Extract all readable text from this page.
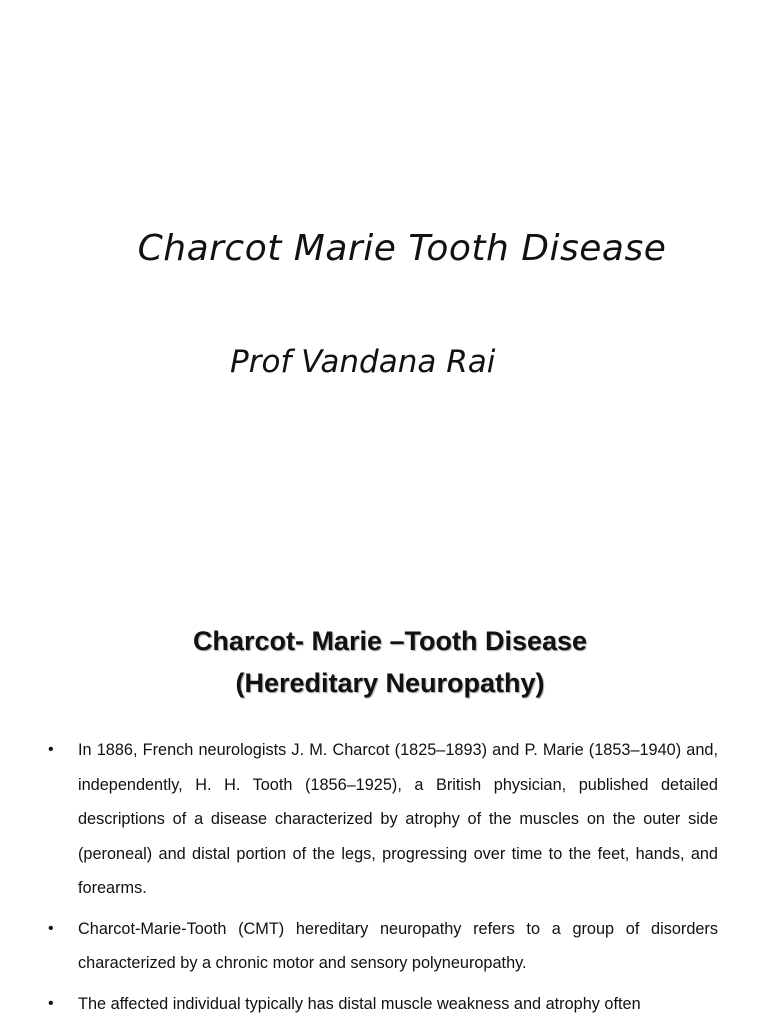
Charcot Marie Tooth Disease
Prof Vandana Rai
Charcot- Marie –Tooth Disease
(Hereditary Neuropathy)
• In 1886, French neurologists J. M. Charcot (1825–1893) and P. Marie (1853–1940) and, independently, H. H. Tooth (1856–1925), a British physician, published detailed descriptions of a disease characterized by atrophy of the muscles on the outer side (peroneal) and distal portion of the legs, progressing over time to the feet, hands, and forearms.
• Charcot-Marie-Tooth (CMT) hereditary neuropathy refers to a group of disorders characterized by a chronic motor and sensory polyneuropathy.
• The affected individual typically has distal muscle weakness and atrophy often
